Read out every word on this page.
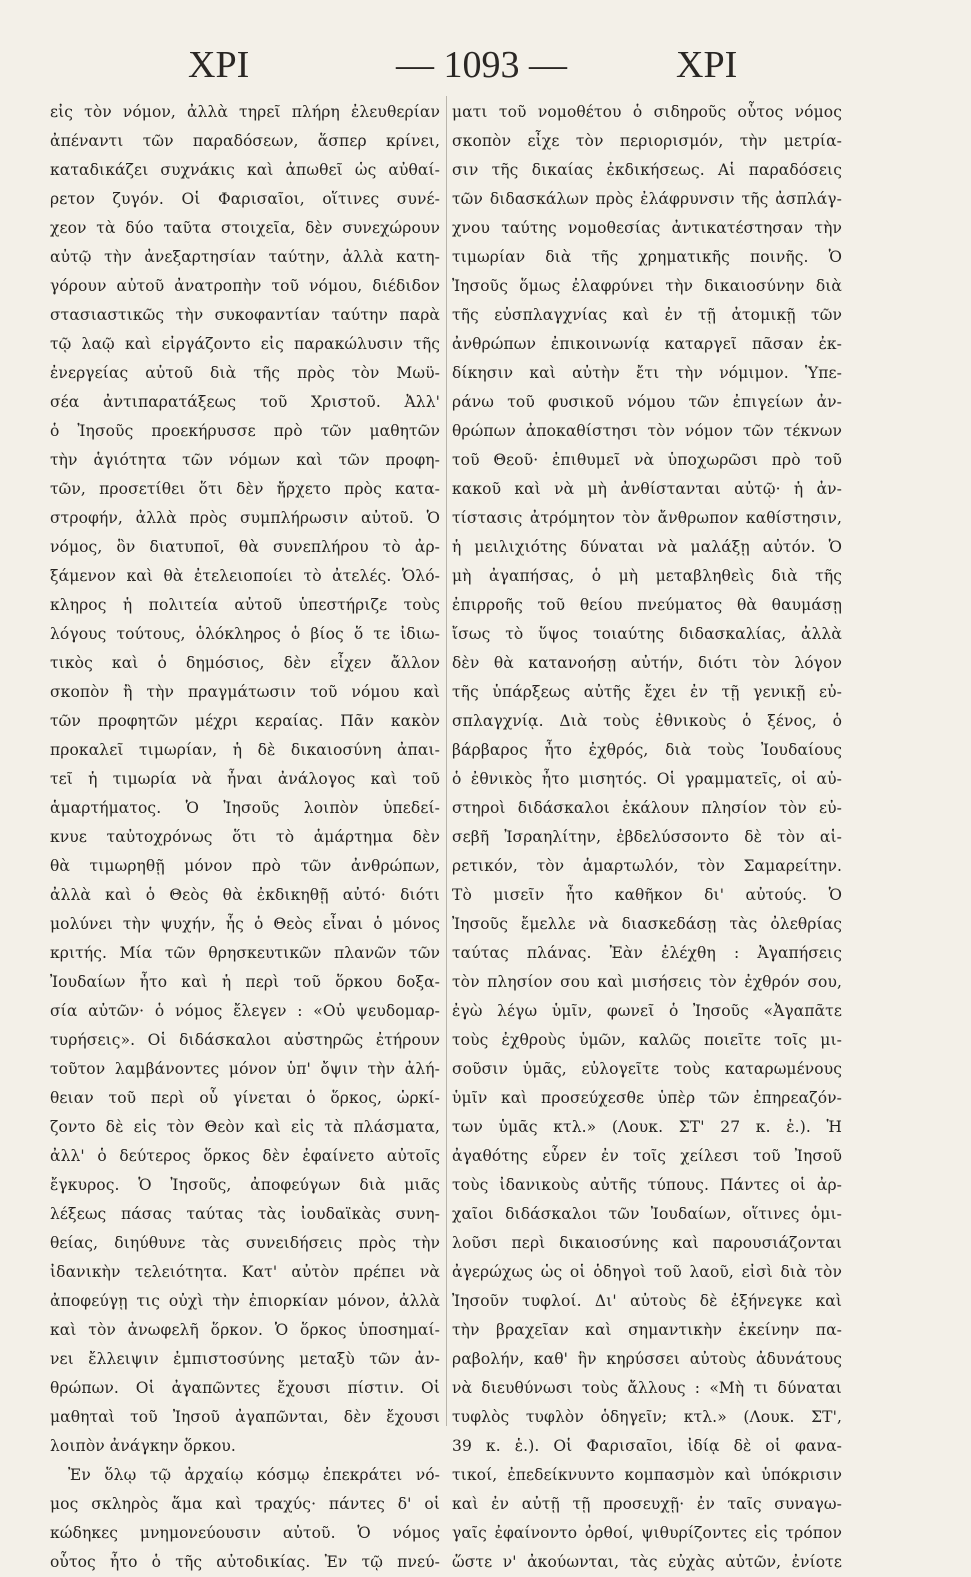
XPI	— 1093 —	XPI
εἰς τὸν νόμον, ἀλλὰ τηρεῖ πλήρη ἐλευθερίαν
ἀπέναντι τῶν παραδόσεων, ἅσπερ κρίνει,
καταδικάζει συχνάκις καὶ ἀπωθεῖ ὡς αὐθαί-
ρετον ζυγόν. Οἱ Φαρισαῖοι, οἵτινες συνέ-
χεον τὰ δύο ταῦτα στοιχεῖα, δὲν συνεχώρουν
αὐτῷ τὴν ἀνεξαρτησίαν ταύτην, ἀλλὰ κατη-
γόρουν αὐτοῦ ἀνατροπὴν τοῦ νόμου, διέδιδον
στασιαστικῶς τὴν συκοφαντίαν ταύτην παρὰ
τῷ λαῷ καὶ εἰργάζοντο εἰς παρακώλυσιν τῆς
ἐνεργείας αὐτοῦ διὰ τῆς πρὸς τὸν Μωϋ-
σέα ἀντιπαρατάξεως τοῦ Χριστοῦ. Ἀλλ'
ὁ Ἰησοῦς προεκήρυσσε πρὸ τῶν μαθητῶν
τὴν ἁγιότητα τῶν νόμων καὶ τῶν προφη-
τῶν, προσετίθει ὅτι δὲν ἤρχετο πρὸς κατα-
στροφήν, ἀλλὰ πρὸς συμπλήρωσιν αὐτοῦ. Ὁ
νόμος, ὃν διατυποῖ, θὰ συνεπλήρου τὸ ἀρ-
ξάμενον καὶ θὰ ἐτελειοποίει τὸ ἀτελές. Ὁλό-
κληρος ἡ πολιτεία αὐτοῦ ὑπεστήριζε τοὺς
λόγους τούτους, ὁλόκληρος ὁ βίος ὅ τε ἰδιω-
τικὸς καὶ ὁ δημόσιος, δὲν εἶχεν ἄλλον
σκοπὸν ἢ τὴν πραγμάτωσιν τοῦ νόμου καὶ
τῶν προφητῶν μέχρι κεραίας. Πᾶν κακὸν
προκαλεῖ τιμωρίαν, ἡ δὲ δικαιοσύνη ἀπαι-
τεῖ ἡ τιμωρία νὰ ἦναι ἀνάλογος καὶ τοῦ
ἁμαρτήματος. Ὁ Ἰησοῦς λοιπὸν ὑπεδεί-
κνυε ταὐτοχρόνως ὅτι τὸ ἁμάρτημα δὲν
θὰ τιμωρηθῇ μόνον πρὸ τῶν ἀνθρώπων,
ἀλλὰ καὶ ὁ Θεὸς θὰ ἐκδικηθῇ αὐτό· διότι
μολύνει τὴν ψυχήν, ἧς ὁ Θεὸς εἶναι ὁ μόνος
κριτής. Μία τῶν θρησκευτικῶν πλανῶν τῶν
Ἰουδαίων ἦτο καὶ ἡ περὶ τοῦ ὅρκου δοξα-
σία αὐτῶν· ὁ νόμος ἔλεγεν : «Οὐ ψευδομαρ-
τυρήσεις». Οἱ διδάσκαλοι αὐστηρῶς ἐτήρουν
τοῦτον λαμβάνοντες μόνον ὑπ' ὄψιν τὴν ἀλή-
θειαν τοῦ περὶ οὗ γίνεται ὁ ὅρκος, ὡρκί-
ζοντο δὲ εἰς τὸν Θεὸν καὶ εἰς τὰ πλάσματα,
ἀλλ' ὁ δεύτερος ὅρκος δὲν ἐφαίνετο αὐτοῖς
ἔγκυρος. Ὁ Ἰησοῦς, ἀποφεύγων διὰ μιᾶς
λέξεως πάσας ταύτας τὰς ἰουδαϊκὰς συνη-
θείας, διηύθυνε τὰς συνειδήσεις πρὸς τὴν
ἰδανικὴν τελειότητα. Κατ' αὐτὸν πρέπει νὰ
ἀποφεύγῃ τις οὐχὶ τὴν ἐπιορκίαν μόνον, ἀλλὰ
καὶ τὸν ἀνωφελῆ ὅρκον. Ὁ ὅρκος ὑποσημαί-
νει ἔλλειψιν ἐμπιστοσύνης μεταξὺ τῶν ἀν-
θρώπων. Οἱ ἀγαπῶντες ἔχουσι πίστιν. Οἱ
μαθηταὶ τοῦ Ἰησοῦ ἀγαπῶνται, δὲν ἔχουσι
λοιπὸν ἀνάγκην ὅρκου.
Ἐν ὅλῳ τῷ ἀρχαίῳ κόσμῳ ἐπεκράτει νό-
μος σκληρὸς ἅμα καὶ τραχύς· πάντες δ' οἱ
κώδηκες μνημονεύουσιν αὐτοῦ. Ὁ νόμος
οὗτος ἦτο ὁ τῆς αὐτοδικίας. Ἐν τῷ πνεύ-
ματι τοῦ νομοθέτου ὁ σιδηροῦς οὗτος νόμος
σκοπὸν εἶχε τὸν περιορισμόν, τὴν μετρία-
σιν τῆς δικαίας ἐκδικήσεως. Αἱ παραδόσεις
τῶν διδασκάλων πρὸς ἐλάφρυνσιν τῆς ἀσπλάγ-
χνου ταύτης νομοθεσίας ἀντικατέστησαν τὴν
τιμωρίαν διὰ τῆς χρηματικῆς ποινῆς. Ὁ
Ἰησοῦς ὅμως ἐλαφρύνει τὴν δικαιοσύνην διὰ
τῆς εὐσπλαγχνίας καὶ ἐν τῇ ἀτομικῇ τῶν
ἀνθρώπων ἐπικοινωνίᾳ καταργεῖ πᾶσαν ἐκ-
δίκησιν καὶ αὐτὴν ἔτι τὴν νόμιμον. Ὑπε-
ράνω τοῦ φυσικοῦ νόμου τῶν ἐπιγείων ἀν-
θρώπων ἀποκαθίστησι τὸν νόμον τῶν τέκνων
τοῦ Θεοῦ· ἐπιθυμεῖ νὰ ὑποχωρῶσι πρὸ τοῦ
κακοῦ καὶ νὰ μὴ ἀνθίστανται αὐτῷ· ἡ ἀν-
τίστασις ἀτρόμητον τὸν ἄνθρωπον καθίστησιν,
ἡ μειλιχιότης δύναται νὰ μαλάξῃ αὐτόν. Ὁ
μὴ ἀγαπήσας, ὁ μὴ μεταβληθεὶς διὰ τῆς
ἐπιρροῆς τοῦ θείου πνεύματος θὰ θαυμάσῃ
ἴσως τὸ ὕψος τοιαύτης διδασκαλίας, ἀλλὰ
δὲν θὰ κατανοήσῃ αὐτήν, διότι τὸν λόγον
τῆς ὑπάρξεως αὐτῆς ἔχει ἐν τῇ γενικῇ εὐ-
σπλαγχνίᾳ. Διὰ τοὺς ἐθνικοὺς ὁ ξένος, ὁ
βάρβαρος ἦτο ἐχθρός, διὰ τοὺς Ἰουδαίους
ὁ ἐθνικὸς ἦτο μισητός. Οἱ γραμματεῖς, οἱ αὐ-
στηροὶ διδάσκαλοι ἐκάλουν πλησίον τὸν εὐ-
σεβῆ Ἰσραηλίτην, ἐβδελύσσοντο δὲ τὸν αἱ-
ρετικόν, τὸν ἁμαρτωλόν, τὸν Σαμαρείτην.
Τὸ μισεῖν ἦτο καθῆκον δι' αὐτούς. Ὁ
Ἰησοῦς ἔμελλε νὰ διασκεδάσῃ τὰς ὀλεθρίας
ταύτας πλάνας. Ἐὰν ἐλέχθη : Ἀγαπήσεις
τὸν πλησίον σου καὶ μισήσεις τὸν ἐχθρόν σου,
ἐγὼ λέγω ὑμῖν, φωνεῖ ὁ Ἰησοῦς «Ἀγαπᾶτε
τοὺς ἐχθροὺς ὑμῶν, καλῶς ποιεῖτε τοῖς μι-
σοῦσιν ὑμᾶς, εὐλογεῖτε τοὺς καταρωμένους
ὑμῖν καὶ προσεύχεσθε ὑπὲρ τῶν ἐπηρεαζόν-
των ὑμᾶς κτλ.» (Λουκ. ΣΤ' 27 κ. ἑ.). Ἡ
ἀγαθότης εὗρεν ἐν τοῖς χείλεσι τοῦ Ἰησοῦ
τοὺς ἰδανικοὺς αὐτῆς τύπους. Πάντες οἱ ἀρ-
χαῖοι διδάσκαλοι τῶν Ἰουδαίων, οἵτινες ὁμι-
λοῦσι περὶ δικαιοσύνης καὶ παρουσιάζονται
ἀγερώχως ὡς οἱ ὁδηγοὶ τοῦ λαοῦ, εἰσὶ διὰ τὸν
Ἰησοῦν τυφλοί. Δι' αὐτοὺς δὲ ἐξήνεγκε καὶ
τὴν βραχεῖαν καὶ σημαντικὴν ἐκείνην πα-
ραβολήν, καθ' ἣν κηρύσσει αὐτοὺς ἀδυνάτους
νὰ διευθύνωσι τοὺς ἄλλους : «Μὴ τι δύναται
τυφλὸς τυφλὸν ὁδηγεῖν; κτλ.» (Λουκ. ΣΤ',
39 κ. ἑ.). Οἱ Φαρισαῖοι, ἰδίᾳ δὲ οἱ φανα-
τικοί, ἐπεδείκνυντο κομπασμὸν καὶ ὑπόκρισιν
καὶ ἐν αὐτῇ τῇ προσευχῇ· ἐν ταῖς συναγω-
γαῖς ἐφαίνοντο ὀρθοί, ψιθυρίζοντες εἰς τρόπον
ὥστε ν' ἀκούωνται, τὰς εὐχὰς αὐτῶν, ἐνίοτε
